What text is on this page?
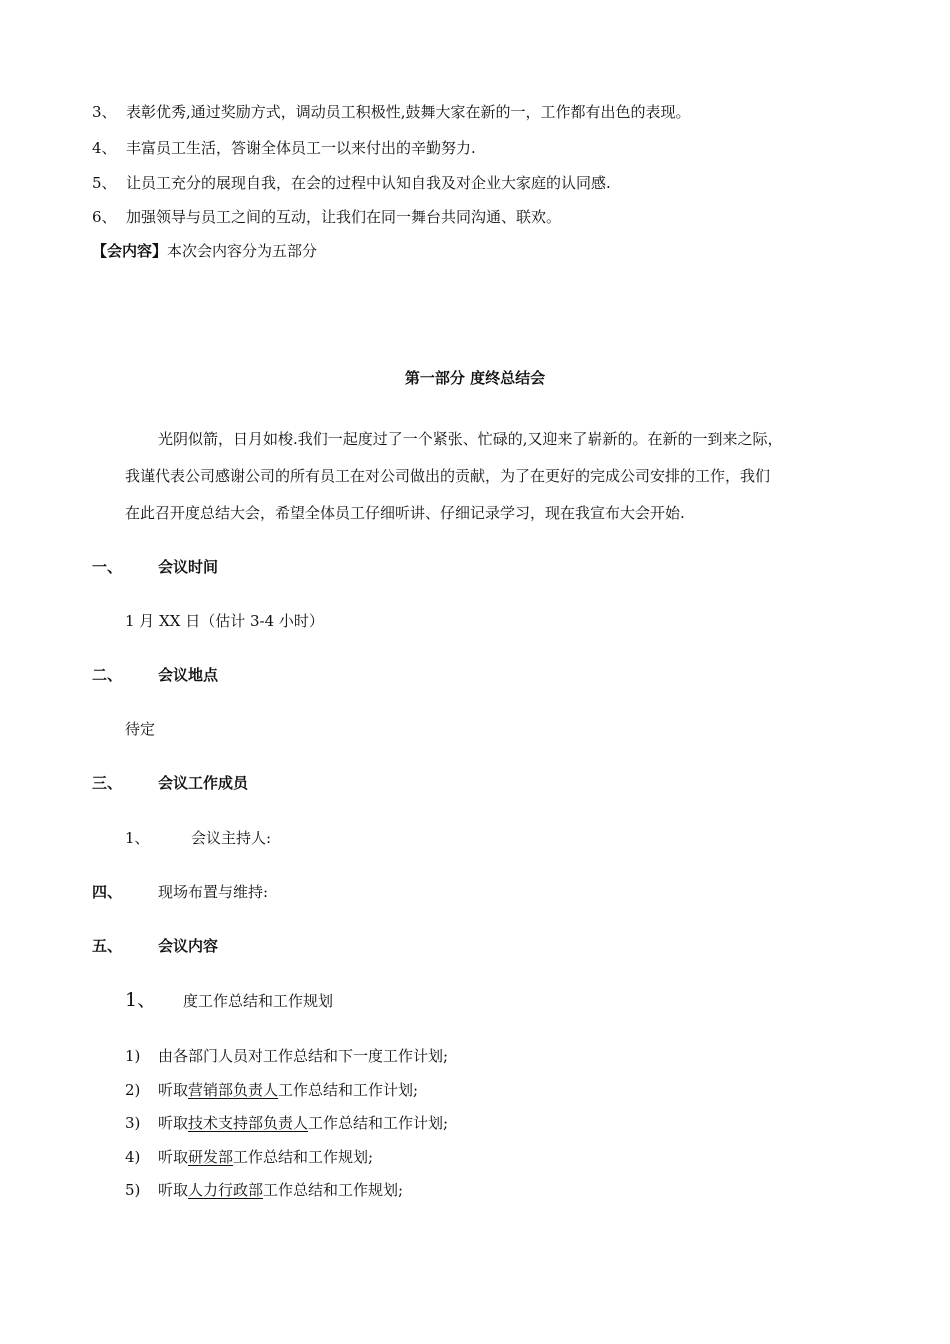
3、 表彰优秀,通过奖励方式，调动员工积极性,鼓舞大家在新的一，工作都有出色的表现。
4、 丰富员工生活，答谢全体员工一以来付出的辛勤努力.
5、 让员工充分的展现自我，在会的过程中认知自我及对企业大家庭的认同感.
6、 加强领导与员工之间的互动，让我们在同一舞台共同沟通、联欢。
【会内容】本次会内容分为五部分
第一部分 度终总结会
光阴似箭，日月如梭.我们一起度过了一个紧张、忙碌的,又迎来了崭新的。在新的一到来之际，
我谨代表公司感谢公司的所有员工在对公司做出的贡献，为了在更好的完成公司安排的工作，我们
在此召开度总结大会，希望全体员工仔细听讲、仔细记录学习，现在我宣布大会开始.
一、 会议时间
1 月 XX 日（估计 3-4 小时）
二、 会议地点
待定
三、 会议工作成员
1、	会议主持人:
四、 现场布置与维持:
五、 会议内容
1、 度工作总结和工作规划
1) 由各部门人员对工作总结和下一度工作计划;
2) 听取营销部负责人工作总结和工作计划;
3) 听取技术支持部负责人工作总结和工作计划;
4) 听取研发部工作总结和工作规划;
5) 听取人力行政部工作总结和工作规划;
